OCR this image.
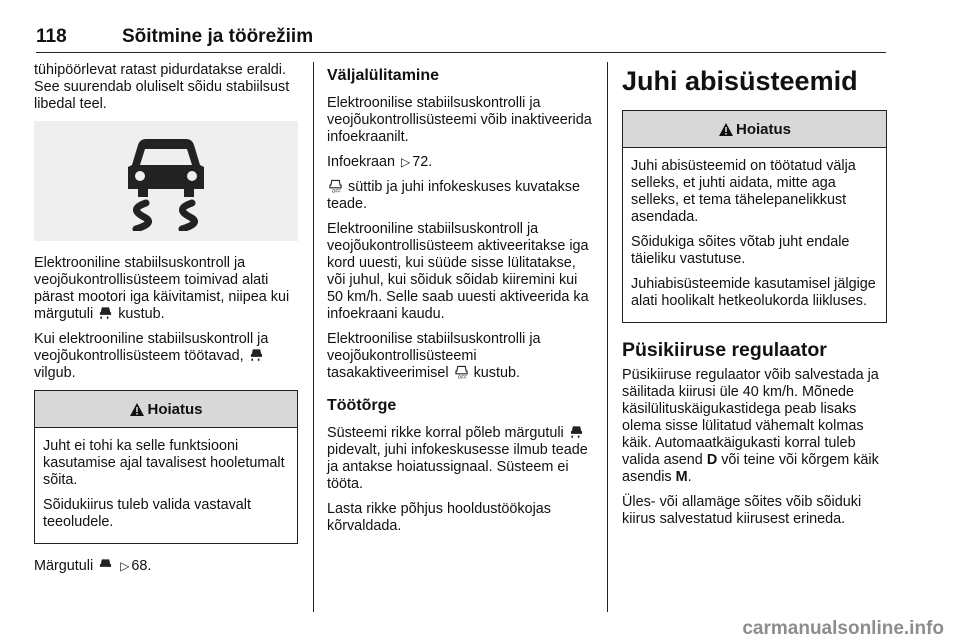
118	Sõitmine ja töörežiim

tühipöörlevat ratast pidurdatakse eraldi. See suurendab oluliselt sõidu stabiilsust libedal teel.

Elektrooniline stabiilsuskontroll ja veojõukontrollisüsteem toimivad alati pärast mootori iga käivitamist, niipea kui märgutuli kustub.

Kui elektrooniline stabiilsuskontroll ja veojõukontrollisüsteem töötavad,  vilgub.

Hoiatus

Juht ei tohi ka selle funktsiooni kasutamise ajal tavalisest hooletumalt sõita.

Sõidukiirus tuleb valida vastavalt teeoludele.

Märgutuli ▷ 68.

Väljalülitamine

Elektroonilise stabiilsuskontrolli ja veojõukontrollisüsteemi võib inaktiveerida infoekraanilt.

Infoekraan ▷ 72.

OFF süttib ja juhi infokeskuses kuvatakse teade.

Elektrooniline stabiilsuskontroll ja veojõukontrollisüsteem aktiveeritakse iga kord uuesti, kui süüde sisse lülitatakse, või juhul, kui sõiduk sõidab kiiremini kui 50 km/h. Selle saab uuesti aktiveerida ka infoekraani kaudu.

Elektroonilise stabiilsuskontrolli ja veojõukontrollisüsteemi tasakaktiveerimisel OFF kustub.

Töötõrge

Süsteemi rikke korral põleb märgutuli  pidevalt, juhi infokeskusesse ilmub teade ja antakse hoiatussignaal. Süsteem ei tööta.

Lasta rikke põhjus hooldustöökojas kõrvaldada.

Juhi abisüsteemid
Hoiatus

Juhi abisüsteemid on töötatud välja selleks, et juhti aidata, mitte aga selleks, et tema tähelepanelikkust asendada.

Sõidukiga sõites võtab juht endale täieliku vastutuse.

Juhiabisüsteemide kasutamisel jälgige alati hoolikalt hetkeolukorda liikluses.

Püsikiiruse regulaator

Püsikiiruse regulaator võib salvestada ja säilitada kiirusi üle 40 km/h. Mõnede käsilülituskäigukastidega peab lisaks olema sisse lülitatud vähemalt kolmas käik. Automaatkäigukasti korral tuleb valida asend D või teine või kõrgem käik asendis M.

Üles- või allamäge sõites võib sõiduki kiirus salvestatud kiirusest erineda.

carmanualsonline.info
